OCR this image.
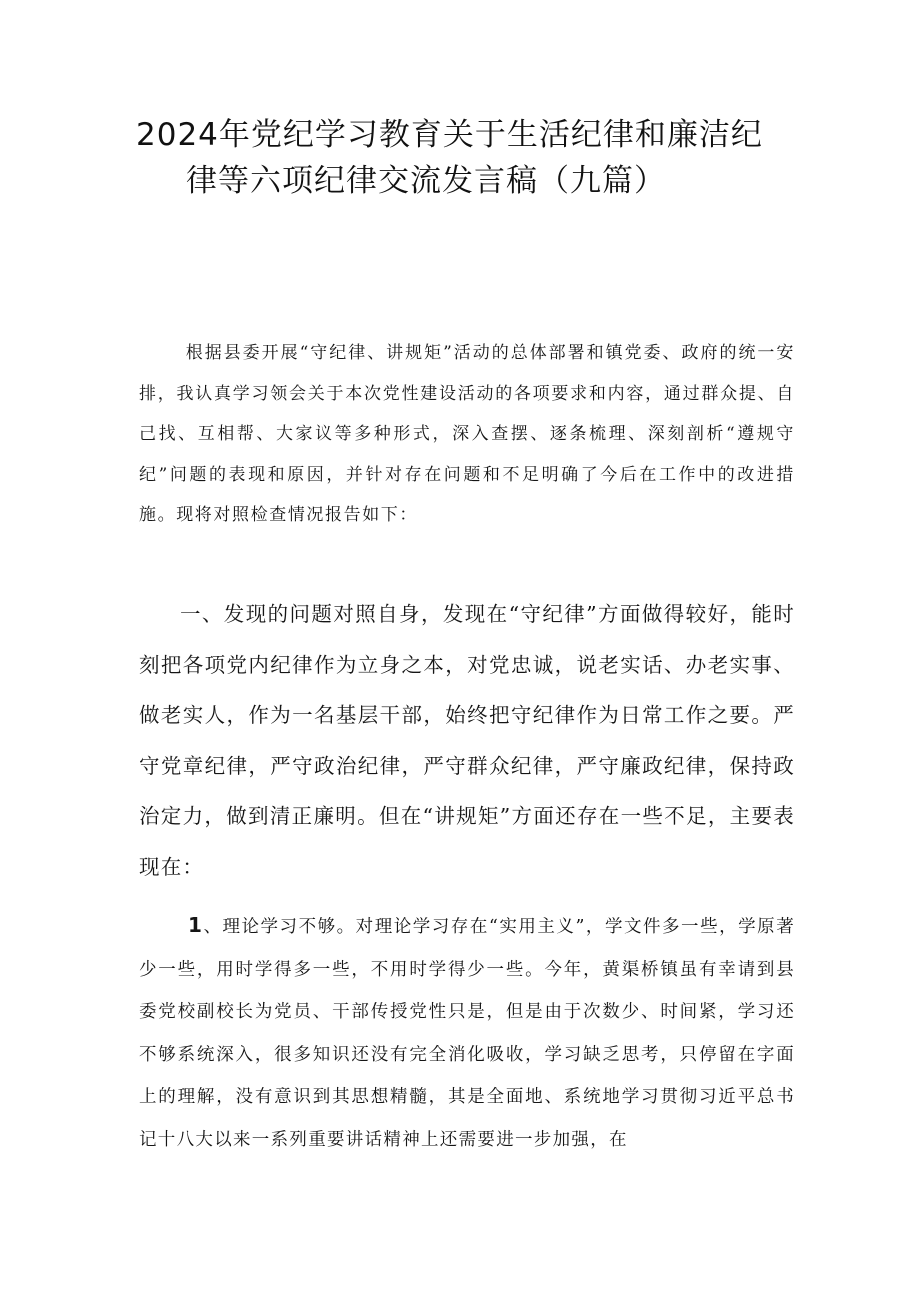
2024年党纪学习教育关于生活纪律和廉洁纪
律等六项纪律交流发言稿（九篇）

根据县委开展“守纪律、讲规矩”活动的总体部署和镇党委、政府的统一安排，我认真学习领会关于本次党性建设活动的各项要求和内容，通过群众提、自己找、互相帮、大家议等多种形式，深入查摆、逐条梳理、深刻剖析“遵规守纪”问题的表现和原因，并针对存在问题和不足明确了今后在工作中的改进措施。现将对照检查情况报告如下：

一、发现的问题对照自身，发现在“守纪律”方面做得较好，能时刻把各项党内纪律作为立身之本，对党忠诚，说老实话、办老实事、做老实人，作为一名基层干部，始终把守纪律作为日常工作之要。严守党章纪律，严守政治纪律，严守群众纪律，严守廉政纪律，保持政治定力，做到清正廉明。但在“讲规矩”方面还存在一些不足，主要表现在：

1、理论学习不够。对理论学习存在“实用主义”，学文件多一些，学原著少一些，用时学得多一些，不用时学得少一些。今年，黄渠桥镇虽有幸请到县委党校副校长为党员、干部传授党性只是，但是由于次数少、时间紧，学习还不够系统深入，很多知识还没有完全消化吸收，学习缺乏思考，只停留在字面上的理解，没有意识到其思想精髓，其是全面地、系统地学习贯彻习近平总书记十八大以来一系列重要讲话精神上还需要进一步加强，在
